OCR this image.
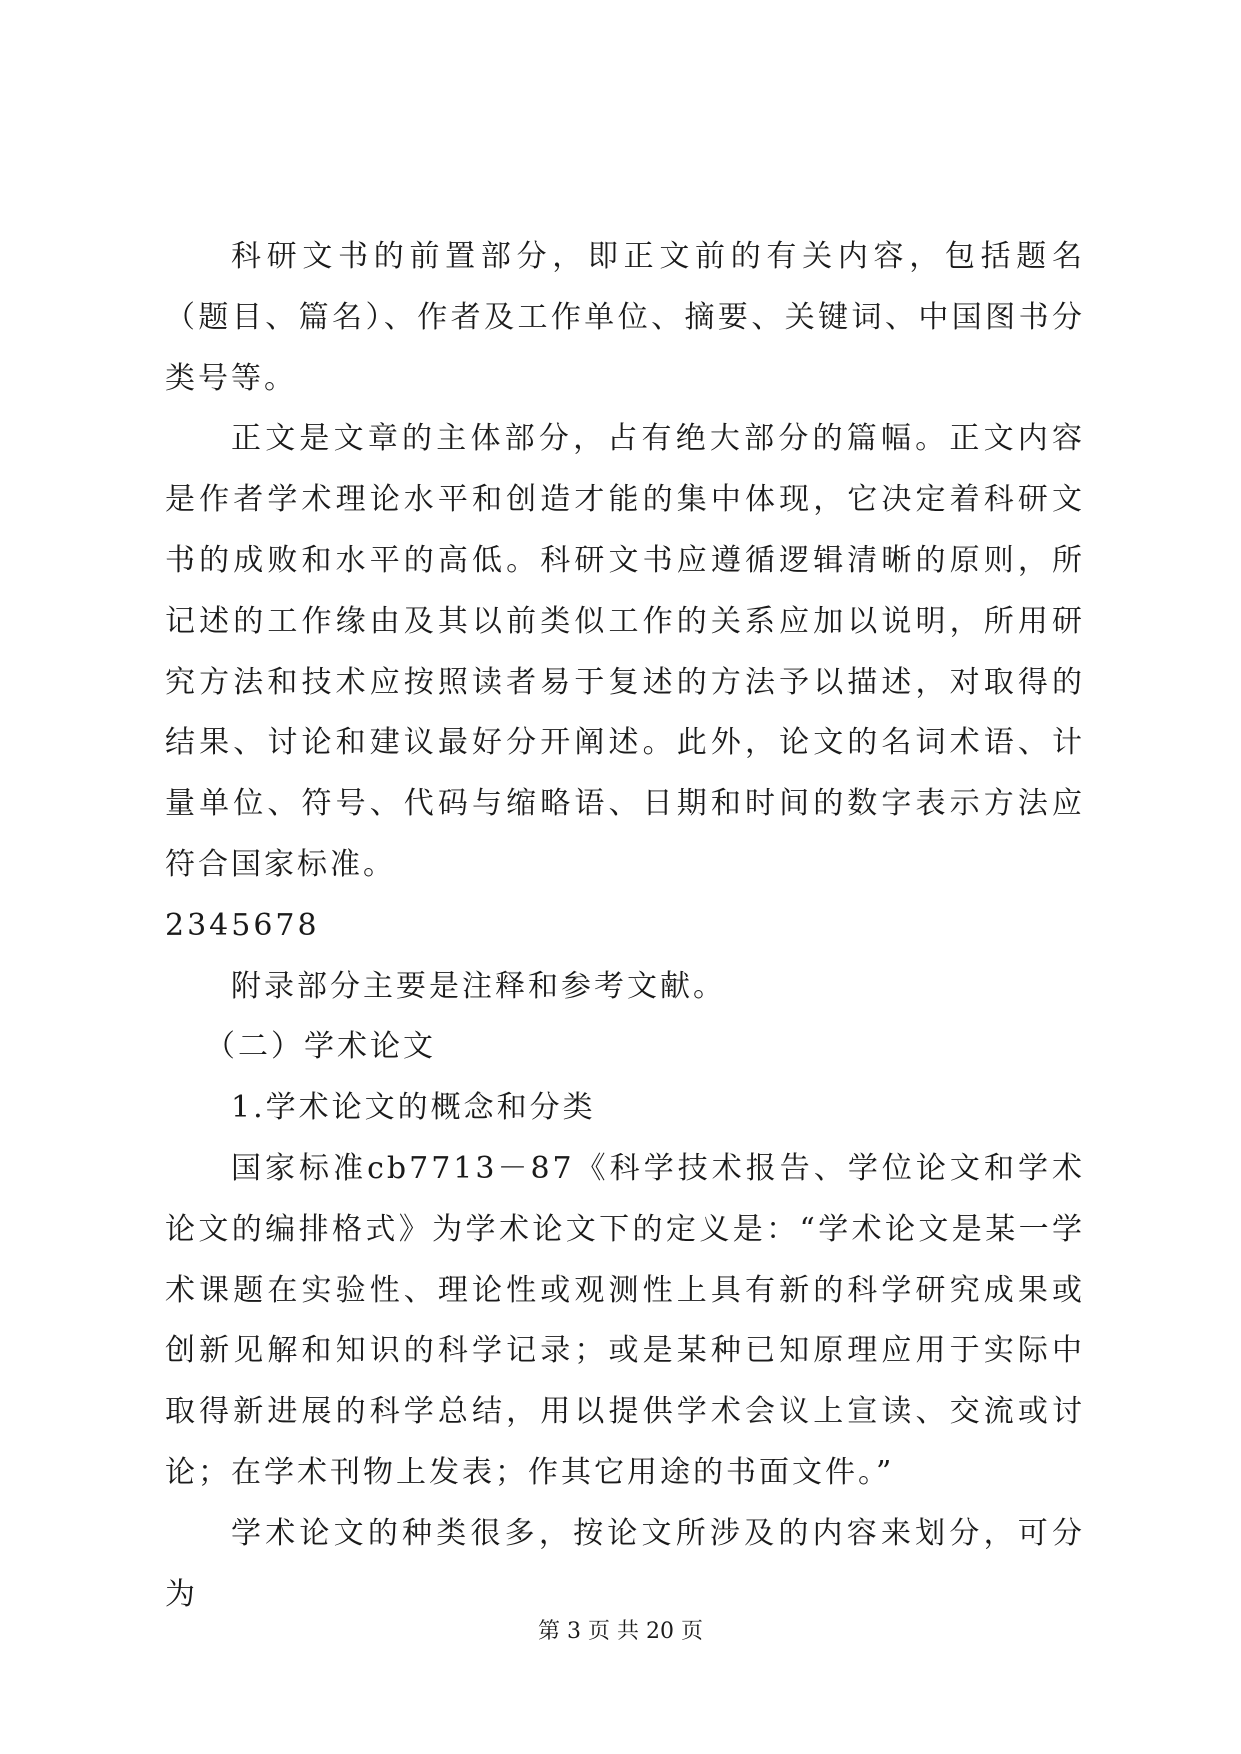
科研文书的前置部分，即正文前的有关内容，包括题名（题目、篇名）、作者及工作单位、摘要、关键词、中国图书分类号等。

正文是文章的主体部分，占有绝大部分的篇幅。正文内容是作者学术理论水平和创造才能的集中体现，它决定着科研文书的成败和水平的高低。科研文书应遵循逻辑清晰的原则，所记述的工作缘由及其以前类似工作的关系应加以说明，所用研究方法和技术应按照读者易于复述的方法予以描述，对取得的结果、讨论和建议最好分开阐述。此外，论文的名词术语、计量单位、符号、代码与缩略语、日期和时间的数字表示方法应符合国家标准。

2345678

附录部分主要是注释和参考文献。

（二）学术论文

1.学术论文的概念和分类

国家标准cb7713－87《科学技术报告、学位论文和学术论文的编排格式》为学术论文下的定义是：“学术论文是某一学术课题在实验性、理论性或观测性上具有新的科学研究成果或创新见解和知识的科学记录；或是某种已知原理应用于实际中取得新进展的科学总结，用以提供学术会议上宣读、交流或讨论；在学术刊物上发表；作其它用途的书面文件。”

学术论文的种类很多，按论文所涉及的内容来划分，可分为

第 3 页 共 20 页
